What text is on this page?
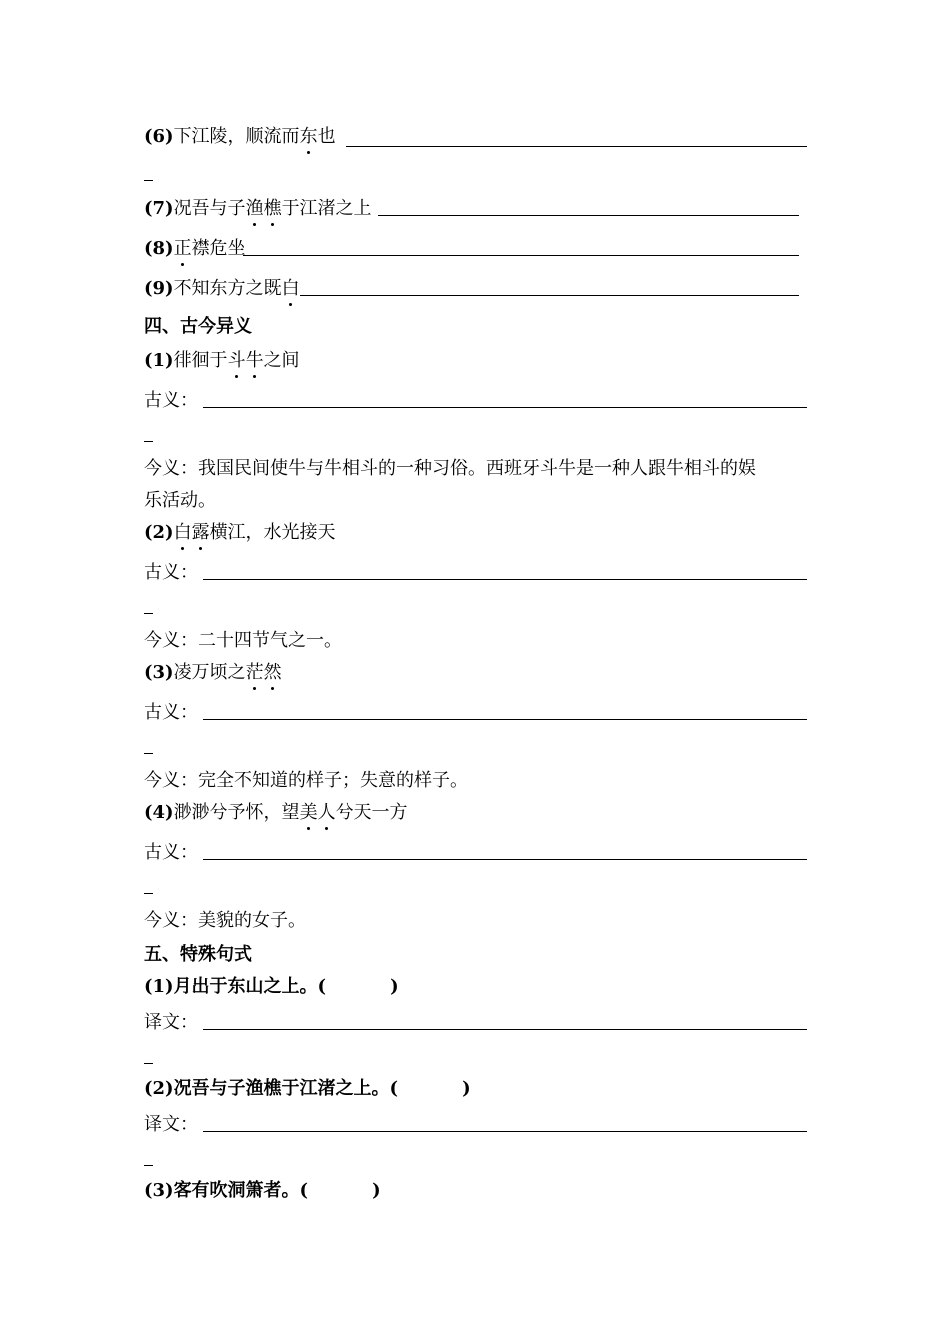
(6)下江陵，顺流而东也
(7)况吾与子渔樵于江渚之上
(8)正襟危坐
(9)不知东方之既白
四、古今异义
(1)徘徊于斗牛之间
古义：
今义：我国民间使牛与牛相斗的一种习俗。西班牙斗牛是一种人跟牛相斗的娱
乐活动。
(2)白露横江，水光接天
古义：
今义：二十四节气之一。
(3)凌万顷之茫然
古义：
今义：完全不知道的样子；失意的样子。
(4)渺渺兮予怀，望美人兮天一方
古义：
今义：美貌的女子。
五、特殊句式
(1)月出于东山之上。(	)
译文：
(2)况吾与子渔樵于江渚之上。(	)
译文：
(3)客有吹洞箫者。(	)
